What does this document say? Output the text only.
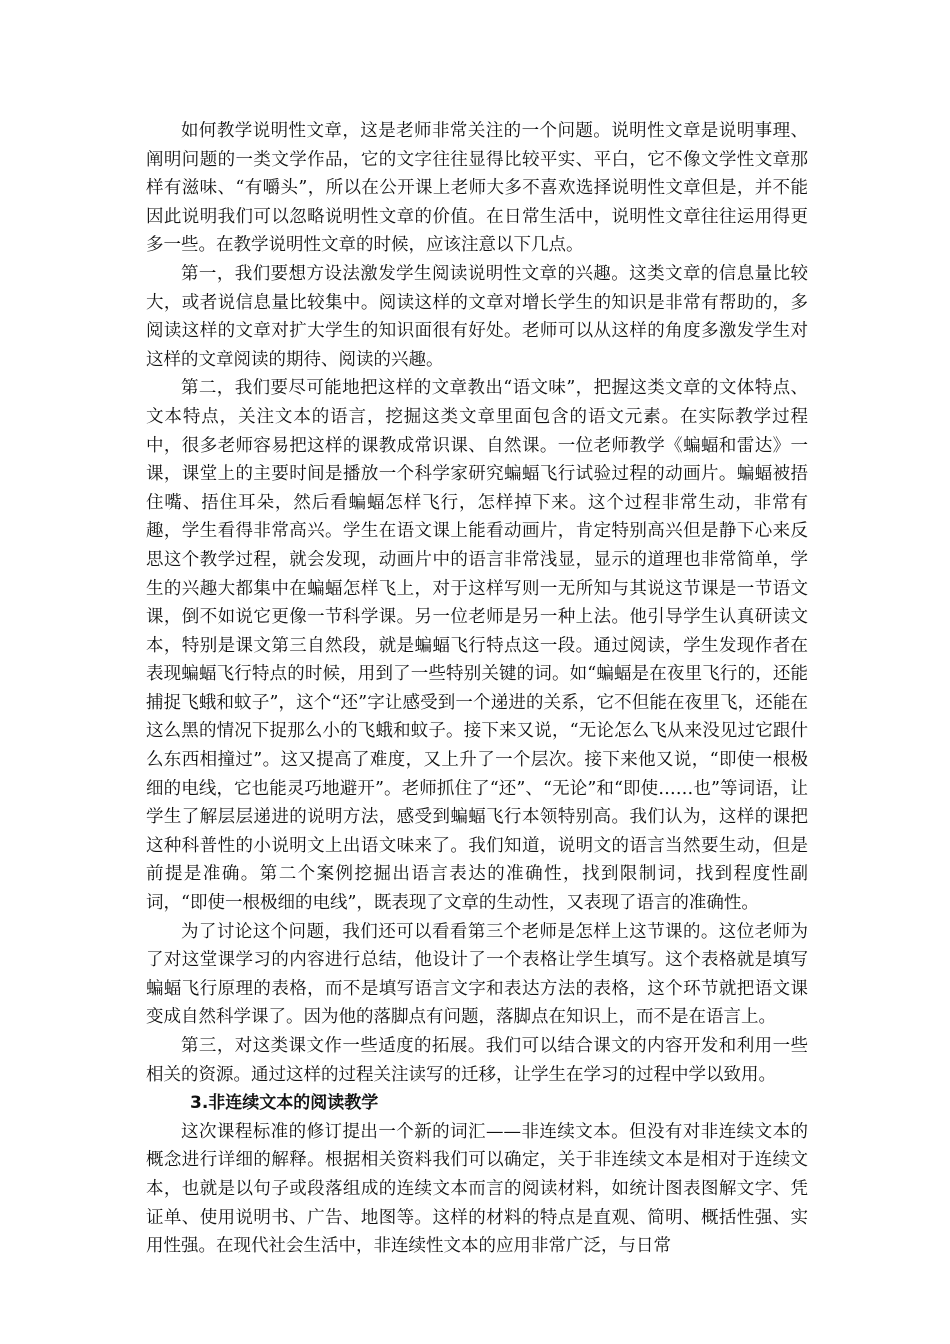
如何教学说明性文章，这是老师非常关注的一个问题。说明性文章是说明事理、阐明问题的一类文学作品，它的文字往往显得比较平实、平白，它不像文学性文章那样有滋味、“有嚼头”，所以在公开课上老师大多不喜欢选择说明性文章但是，并不能因此说明我们可以忽略说明性文章的价值。在日常生活中，说明性文章往往运用得更多一些。在教学说明性文章的时候，应该注意以下几点。

第一，我们要想方设法激发学生阅读说明性文章的兴趣。这类文章的信息量比较大，或者说信息量比较集中。阅读这样的文章对增长学生的知识是非常有帮助的，多阅读这样的文章对扩大学生的知识面很有好处。老师可以从这样的角度多激发学生对这样的文章阅读的期待、阅读的兴趣。

第二，我们要尽可能地把这样的文章教出“语文味”，把握这类文章的文体特点、文本特点，关注文本的语言，挖掘这类文章里面包含的语文元素。在实际教学过程中，很多老师容易把这样的课教成常识课、自然课。一位老师教学《蝙蝠和雷达》一课，课堂上的主要时间是播放一个科学家研究蝙蝠飞行试验过程的动画片。蝙蝠被捂住嘴、捂住耳朵，然后看蝙蝠怎样飞行，怎样掉下来。这个过程非常生动，非常有趣，学生看得非常高兴。学生在语文课上能看动画片，肯定特别高兴但是静下心来反思这个教学过程，就会发现，动画片中的语言非常浅显，显示的道理也非常简单，学生的兴趣大都集中在蝙蝠怎样飞上，对于这样写则一无所知与其说这节课是一节语文课，倒不如说它更像一节科学课。另一位老师是另一种上法。他引导学生认真研读文本，特别是课文第三自然段，就是蝙蝠飞行特点这一段。通过阅读，学生发现作者在表现蝙蝠飞行特点的时候，用到了一些特别关键的词。如“蝙蝠是在夜里飞行的，还能捕捉飞蛾和蚊子”，这个“还”字让感受到一个递进的关系，它不但能在夜里飞，还能在这么黑的情况下捉那么小的飞蛾和蚊子。接下来又说，“无论怎么飞从来没见过它跟什么东西相撞过”。这又提高了难度，又上升了一个层次。接下来他又说，“即使一根极细的电线，它也能灵巧地避开”。老师抓住了“还”、“无论”和“即使……也”等词语，让学生了解层层递进的说明方法，感受到蝙蝠飞行本领特别高。我们认为，这样的课把这种科普性的小说明文上出语文味来了。我们知道，说明文的语言当然要生动，但是前提是准确。第二个案例挖掘出语言表达的准确性，找到限制词，找到程度性副词，“即使一根极细的电线”，既表现了文章的生动性，又表现了语言的准确性。

为了讨论这个问题，我们还可以看看第三个老师是怎样上这节课的。这位老师为了对这堂课学习的内容进行总结，他设计了一个表格让学生填写。这个表格就是填写蝙蝠飞行原理的表格，而不是填写语言文字和表达方法的表格，这个环节就把语文课变成自然科学课了。因为他的落脚点有问题，落脚点在知识上，而不是在语言上。

第三，对这类课文作一些适度的拓展。我们可以结合课文的内容开发和利用一些相关的资源。通过这样的过程关注读写的迁移，让学生在学习的过程中学以致用。

3.非连续文本的阅读教学

这次课程标准的修订提出一个新的词汇——非连续文本。但没有对非连续文本的概念进行详细的解释。根据相关资料我们可以确定，关于非连续文本是相对于连续文本，也就是以句子或段落组成的连续文本而言的阅读材料，如统计图表图解文字、凭证单、使用说明书、广告、地图等。这样的材料的特点是直观、简明、概括性强、实用性强。在现代社会生活中，非连续性文本的应用非常广泛，与日常
